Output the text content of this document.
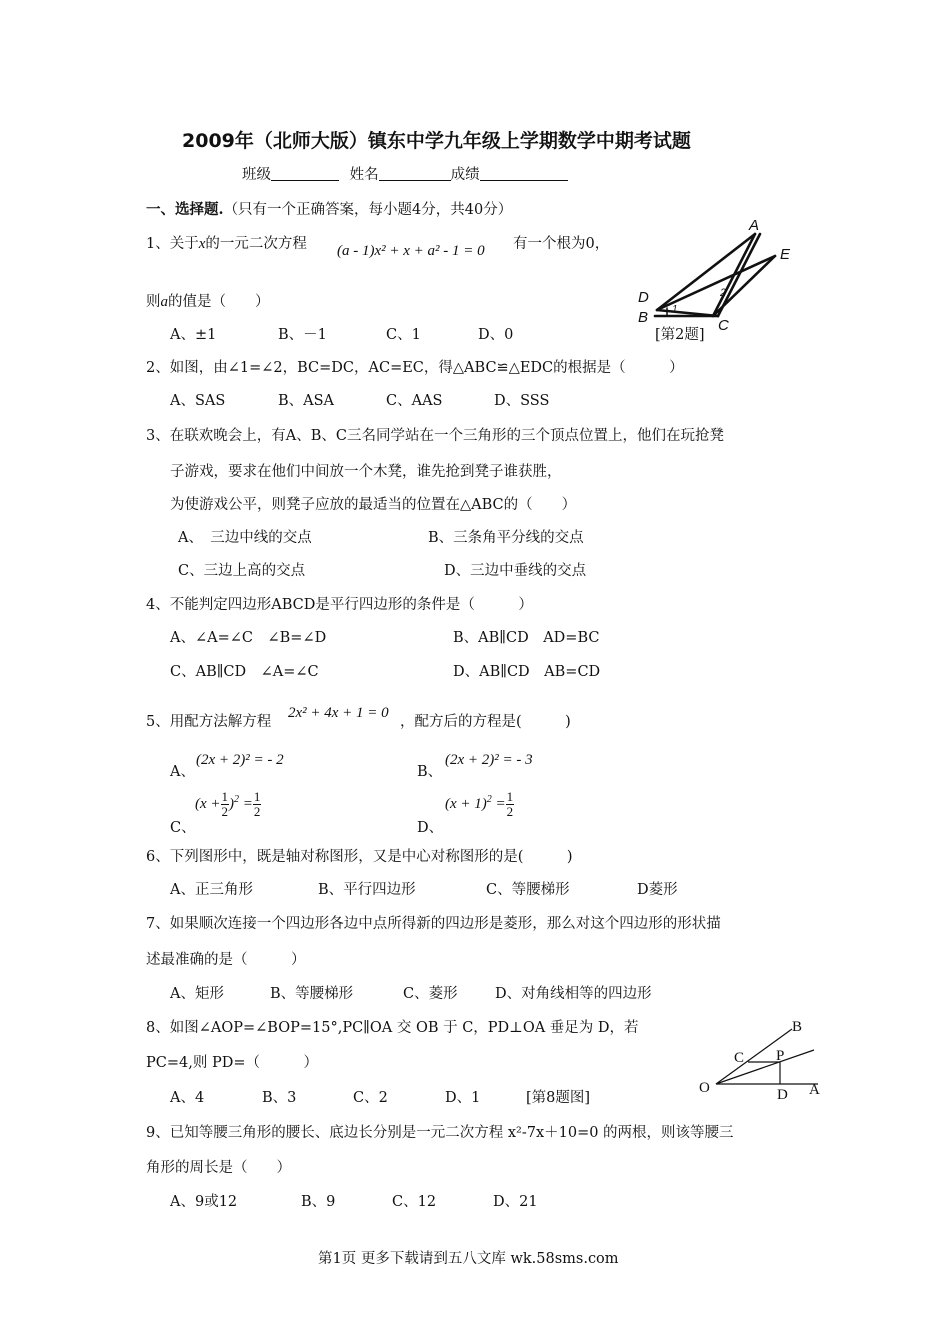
2009年（北师大版）镇东中学九年级上学期数学中期考试题
班级	姓名	成绩
一、选择题.（只有一个正确答案，每小题4分，共40分）
1、关于x的一元二次方程 (a - 1)x² + x + a² - 1 = 0 有一个根为0，
则a的值是（　　）
A、±1	B、－1	C、1	D、0
A
E
D
B	C
1
2
[第2题]
2、如图，由∠1=∠2，BC=DC，AC=EC，得△ABC≌△EDC的根据是（　　　）
A、SAS	B、ASA	C、AAS	D、SSS
3、在联欢晚会上，有A、B、C三名同学站在一个三角形的三个顶点位置上，他们在玩抢凳
子游戏，要求在他们中间放一个木凳，谁先抢到凳子谁获胜，
为使游戏公平，则凳子应放的最适当的位置在△ABC的（　　）
A、　三边中线的交点	B、三条角平分线的交点
C、三边上高的交点	D、三边中垂线的交点
4、不能判定四边形ABCD是平行四边形的条件是（　　　）
A、∠A=∠C　∠B=∠D	B、AB∥CD　AD=BC
C、AB∥CD　∠A=∠C	D、AB∥CD　AB=CD
5、用配方法解方程
2x² + 4x + 1 = 0
，配方后的方程是(　　　)
A、
(2x + 2)² = - 2
B、
(2x + 2)² = - 3
C、
$(x + \frac{1}{2} )^2 = \frac{1}{2}$
D、
$(x + 1)^2 = \frac{1}{2}$
6、下列图形中，既是轴对称图形，又是中心对称图形的是(　　　)
A、正三角形	B、平行四边形	C、等腰梯形	D菱形
7、如果顺次连接一个四边形各边中点所得新的四边形是菱形，那么对这个四边形的形状描
述最准确的是（　　　）
A、矩形	B、等腰梯形	C、菱形	D、对角线相等的四边形
8、如图∠AOP=∠BOP=15°,PC∥OA 交 OB 于 C，PD⊥OA 垂足为 D，若
PC=4,则 PD=（　　　）
A、4	B、3	C、2	D、1	[第8题图]
B
C P
O	D A
9、已知等腰三角形的腰长、底边长分别是一元二次方程 x²-7x＋10=0 的两根，则该等腰三
角形的周长是（　　）
A、9或12	B、9	C、12	D、21
第1页 更多下载请到五八文库 wk.58sms.com
